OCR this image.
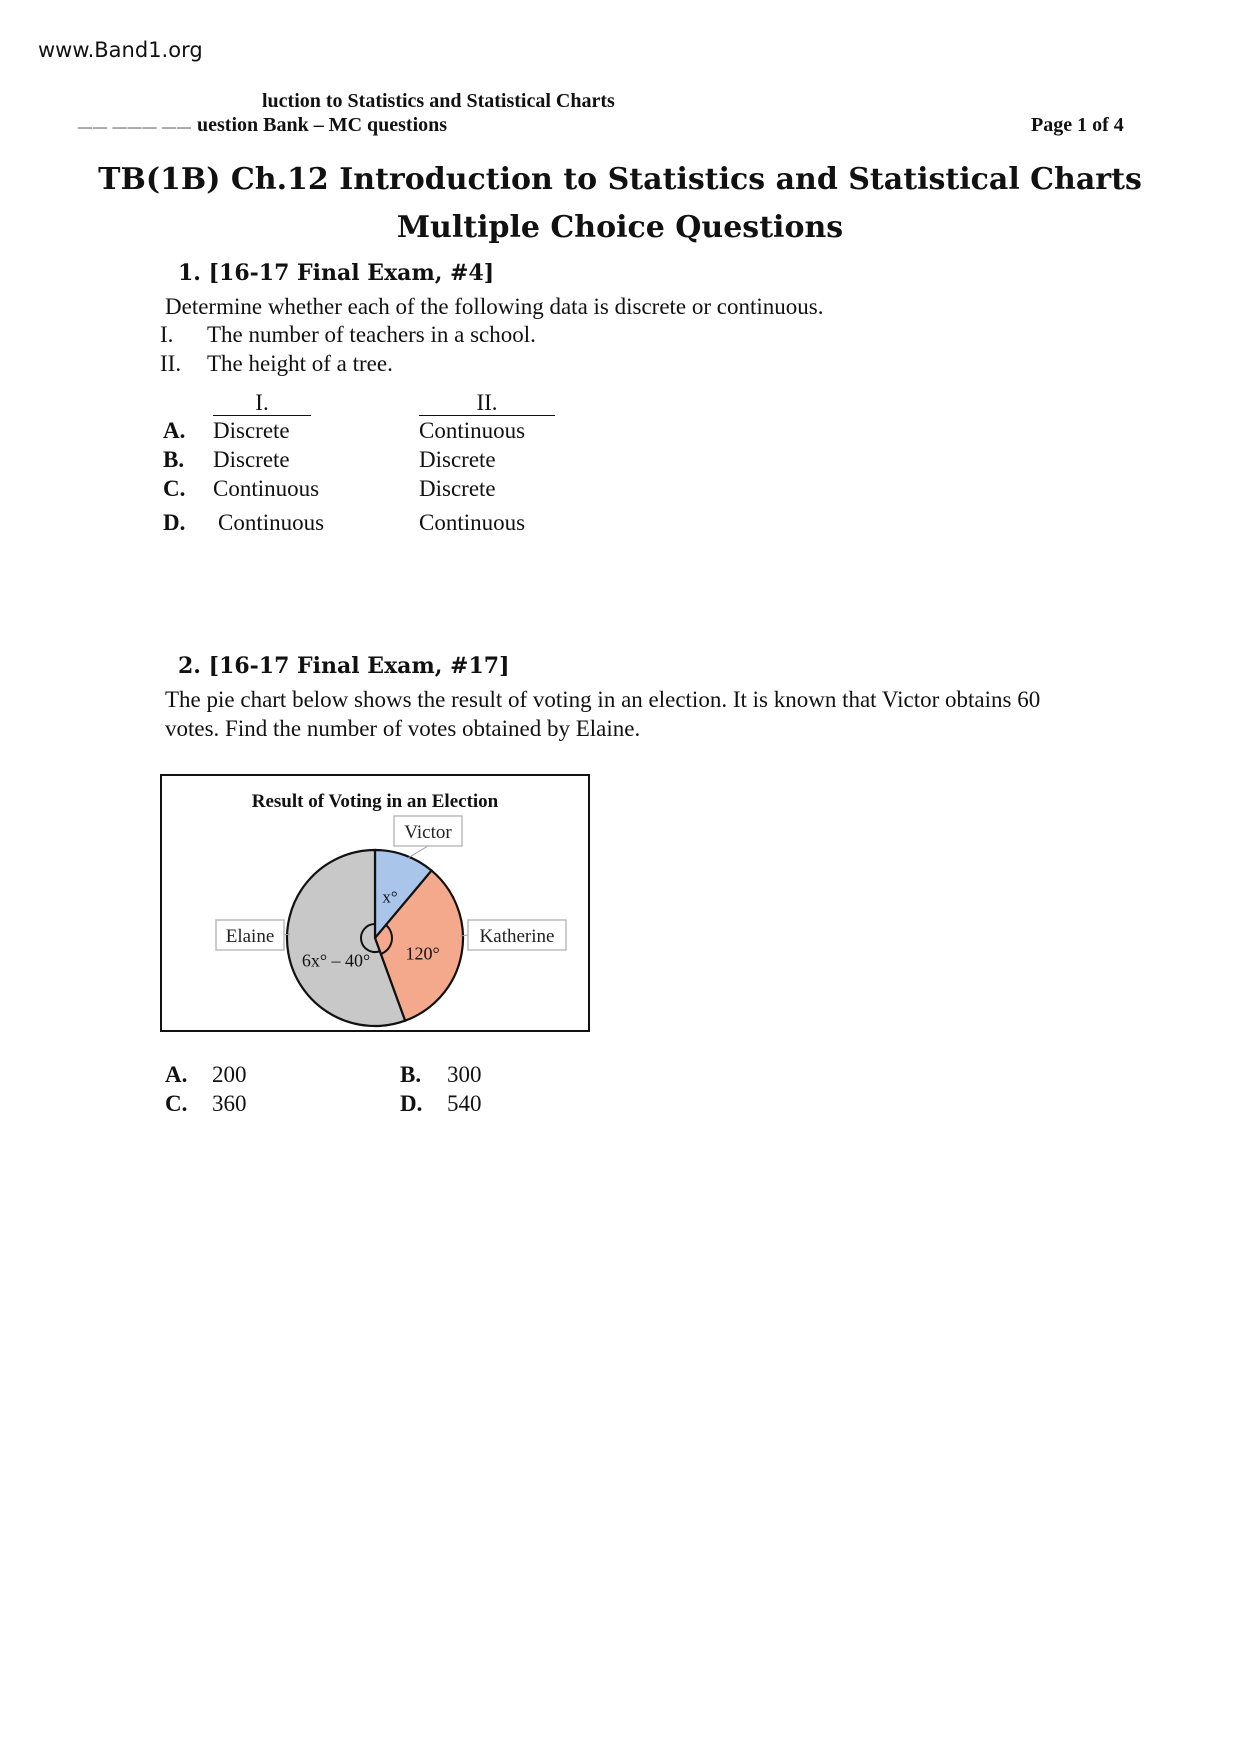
www.Band1.org
luction to Statistics and Statistical Charts
—— ——— —— uestion Bank – MC questions	Page 1 of 4
TB(1B) Ch.12 Introduction to Statistics and Statistical Charts
Multiple Choice Questions
1. [16-17 Final Exam, #4]
Determine whether each of the following data is discrete or continuous.
I. The number of teachers in a school.
II. The height of a tree.
I.	II.
A. Discrete	Continuous
B. Discrete	Discrete
C. Continuous	Discrete
D. Continuous	Continuous
2. [16-17 Final Exam, #17]
The pie chart below shows the result of voting in an election. It is known that Victor obtains 60
votes. Find the number of votes obtained by Elaine.
Result of Voting in an Election
x°
120°
6x° – 40°
Victor
Katherine
Elaine
A. 200	B. 300
C. 360	D. 540
